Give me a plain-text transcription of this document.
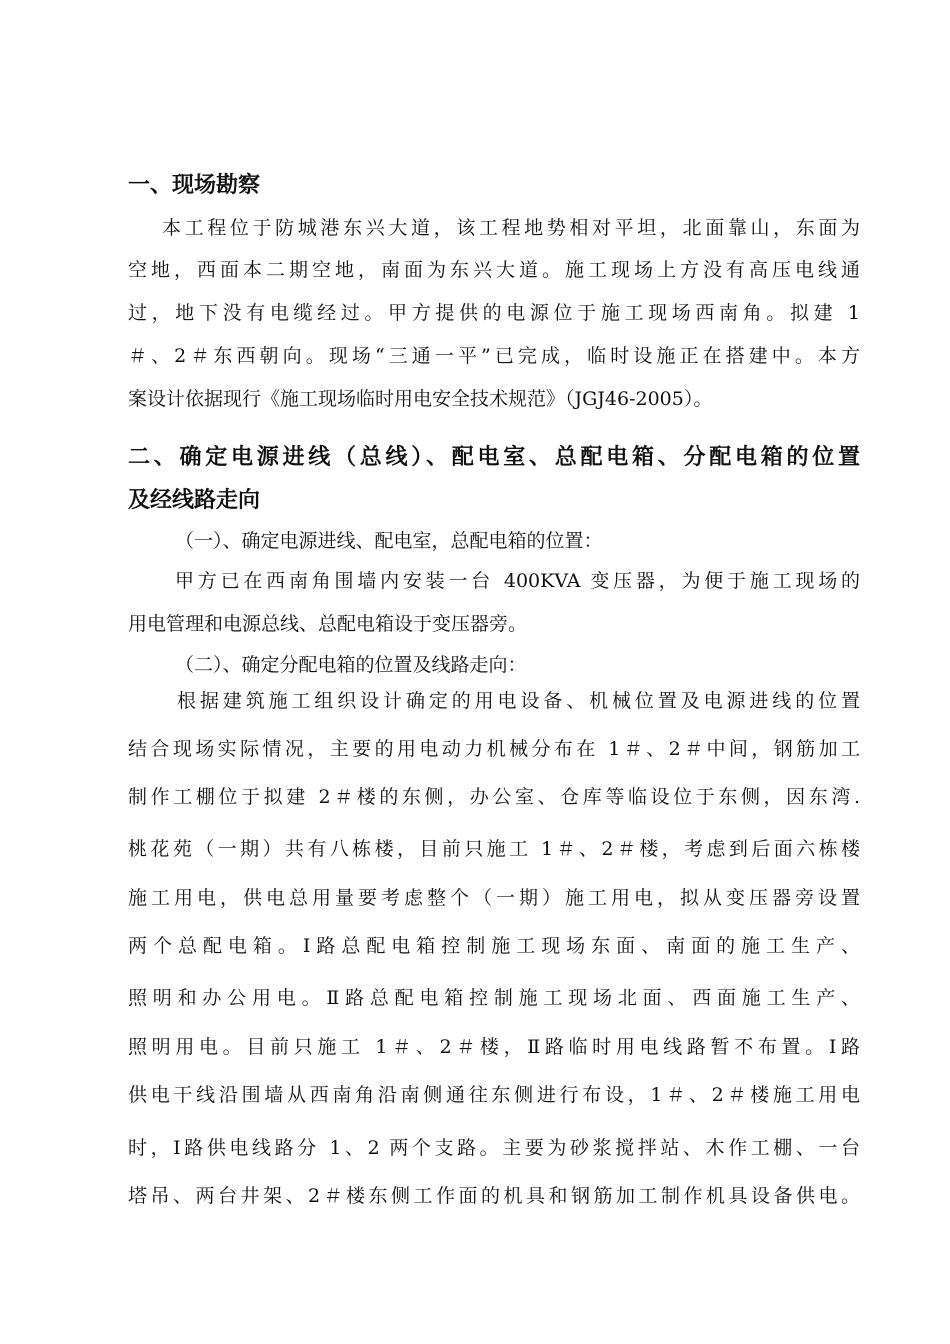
一、现场勘察

本工程位于防城港东兴大道，该工程地势相对平坦，北面靠山，东面为

空地，西面本二期空地，南面为东兴大道。施工现场上方没有高压电线通

过，地下没有电缆经过。甲方提供的电源位于施工现场西南角。拟建 1

＃、2＃东西朝向。现场“三通一平”已完成，临时设施正在搭建中。本方

案设计依据现行《施工现场临时用电安全技术规范》（JGJ46-2005）。

二、确定电源进线（总线）、配电室、总配电箱、分配电箱的位置
及经线路走向

（一）、确定电源进线、配电室，总配电箱的位置：

甲方已在西南角围墙内安装一台 400KVA 变压器，为便于施工现场的

用电管理和电源总线、总配电箱设于变压器旁。

（二）、确定分配电箱的位置及线路走向：

根据建筑施工组织设计确定的用电设备、机械位置及电源进线的位置

结合现场实际情况，主要的用电动力机械分布在 1＃、2＃中间，钢筋加工

制作工棚位于拟建 2＃楼的东侧，办公室、仓库等临设位于东侧，因东湾.

桃花苑（一期）共有八栋楼，目前只施工 1＃、2＃楼，考虑到后面六栋楼

施工用电，供电总用量要考虑整个（一期）施工用电，拟从变压器旁设置

两个总配电箱。Ⅰ路总配电箱控制施工现场东面、南面的施工生产、

照明和办公用电。Ⅱ路总配电箱控制施工现场北面、西面施工生产、

照明用电。目前只施工 1＃、2＃楼，Ⅱ路临时用电线路暂不布置。Ⅰ路

供电干线沿围墙从西南角沿南侧通往东侧进行布设，1＃、2＃楼施工用电

时，Ⅰ路供电线路分 1、2 两个支路。主要为砂浆搅拌站、木作工棚、一台

塔吊、两台井架、2＃楼东侧工作面的机具和钢筋加工制作机具设备供电。
